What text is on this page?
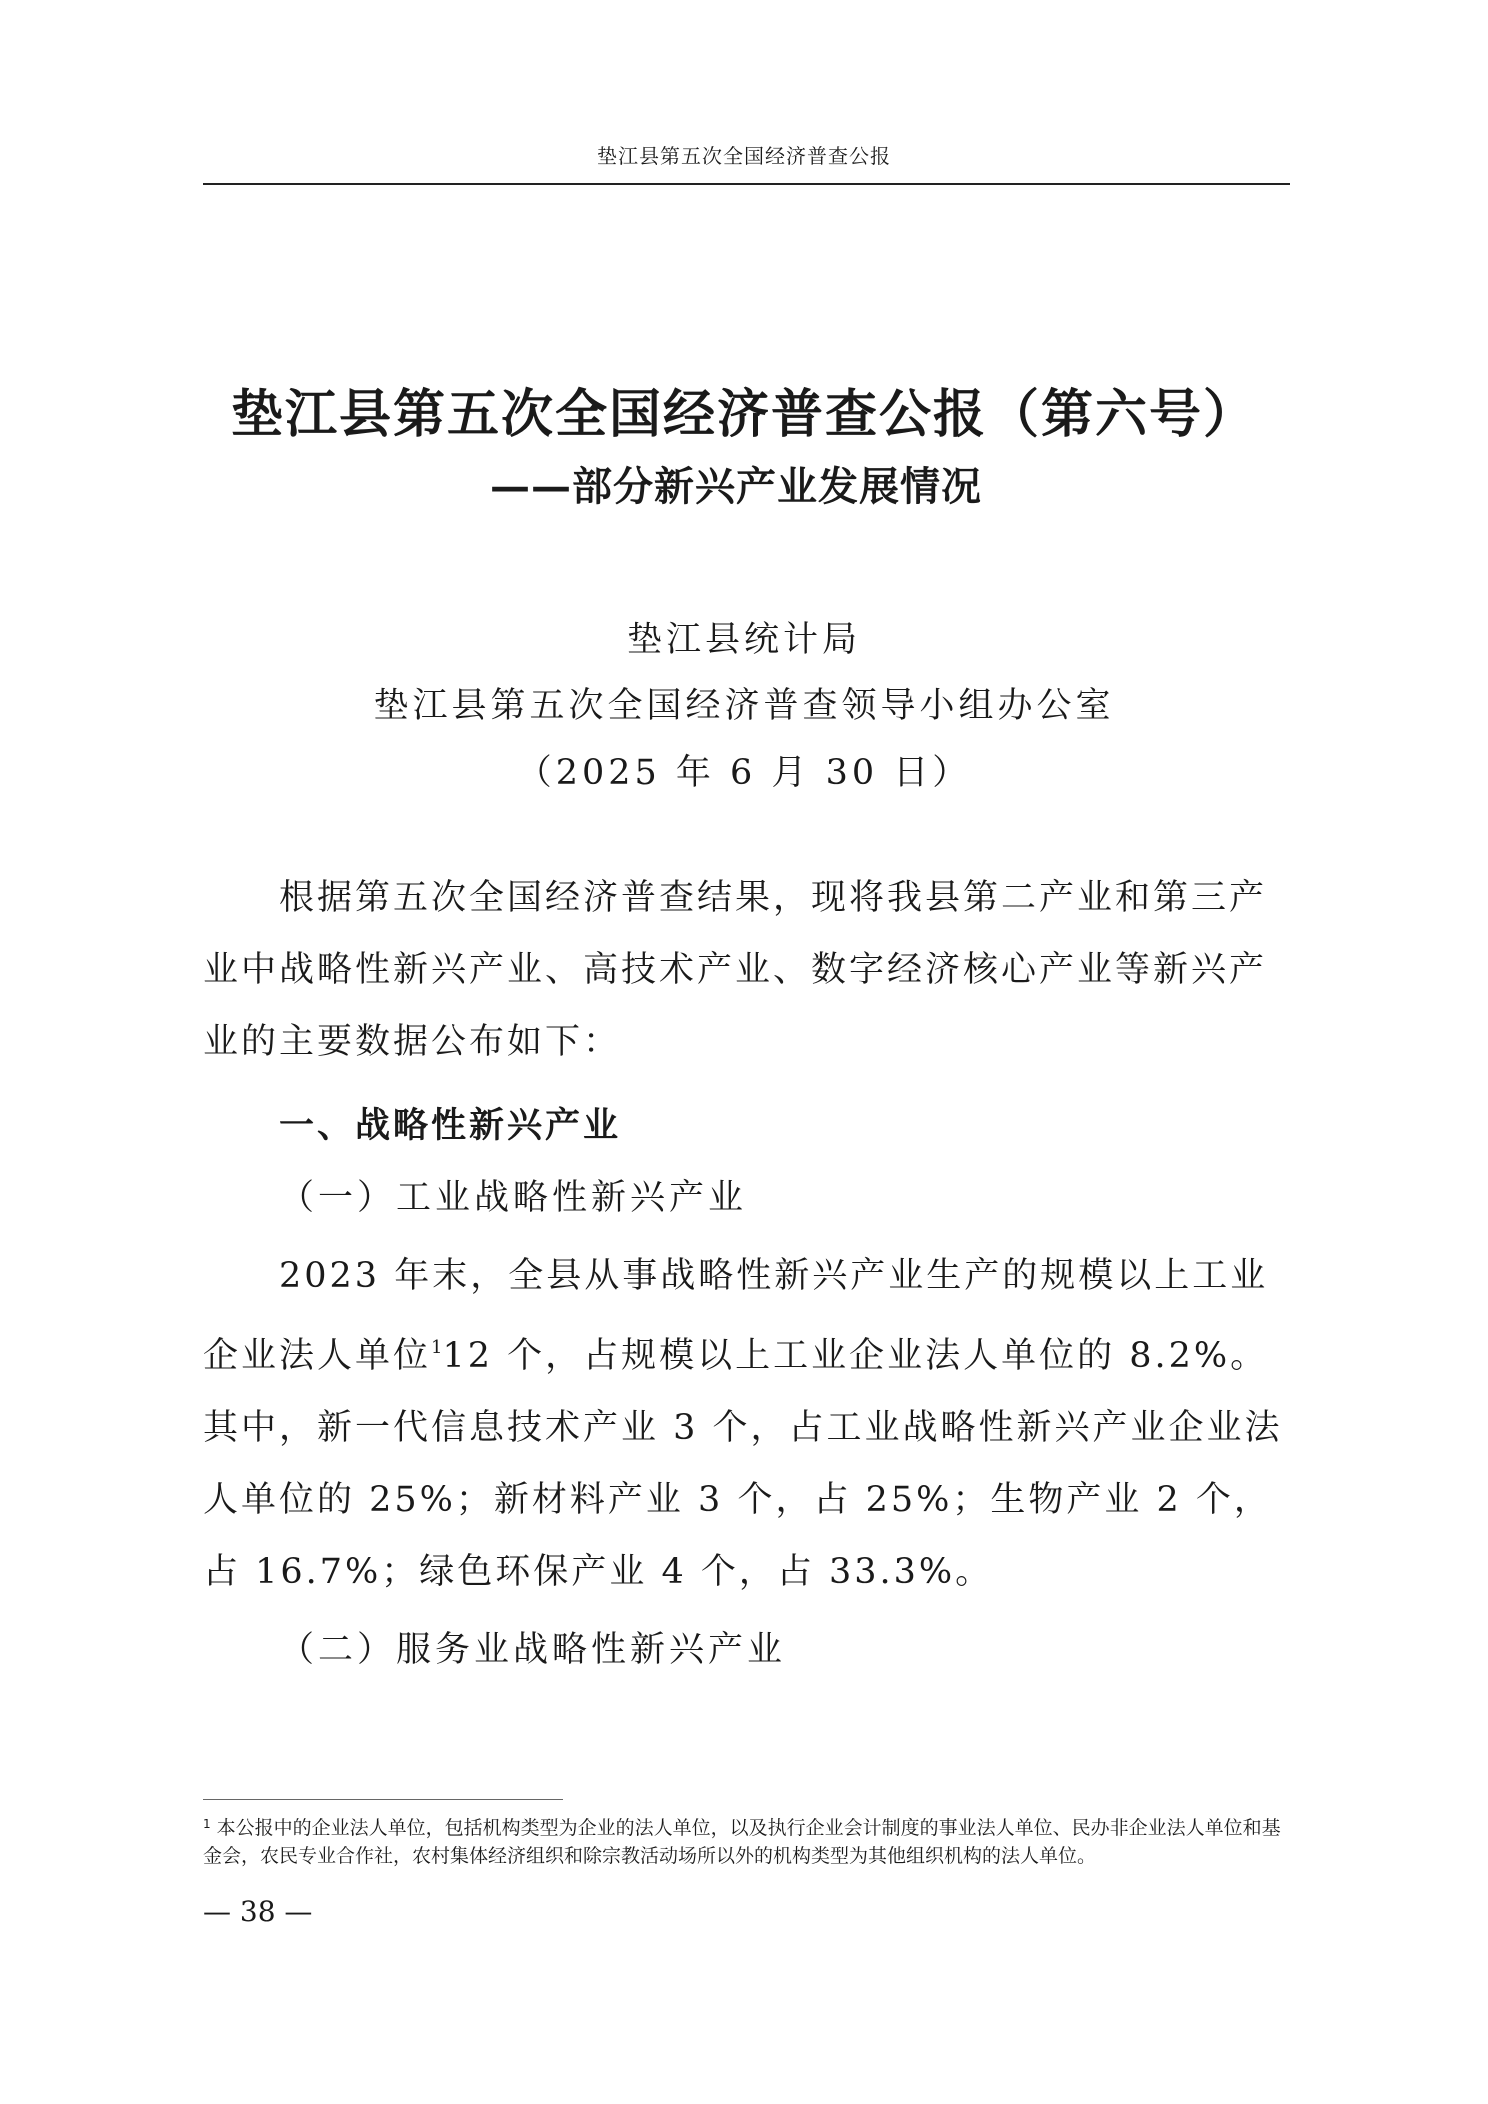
垫江县第五次全国经济普查公报
垫江县第五次全国经济普查公报（第六号）
——部分新兴产业发展情况
垫江县统计局
垫江县第五次全国经济普查领导小组办公室
（2025 年 6 月 30 日）

根据第五次全国经济普查结果，现将我县第二产业和第三产业中战略性新兴产业、高技术产业、数字经济核心产业等新兴产业的主要数据公布如下：

一、战略性新兴产业
（一）工业战略性新兴产业

2023 年末，全县从事战略性新兴产业生产的规模以上工业企业法人单位$^1$12 个，占规模以上工业企业法人单位的 8.2%。其中，新一代信息技术产业 3 个，占工业战略性新兴产业企业法人单位的 25%；新材料产业 3 个，占 25%；生物产业 2 个，占 16.7%；绿色环保产业 4 个，占 33.3%。

（二）服务业战略性新兴产业

$^1$ 本公报中的企业法人单位，包括机构类型为企业的法人单位，以及执行企业会计制度的事业法人单位、民办非企业法人单位和基金会，农民专业合作社，农村集体经济组织和除宗教活动场所以外的机构类型为其他组织机构的法人单位。

— 38 —
